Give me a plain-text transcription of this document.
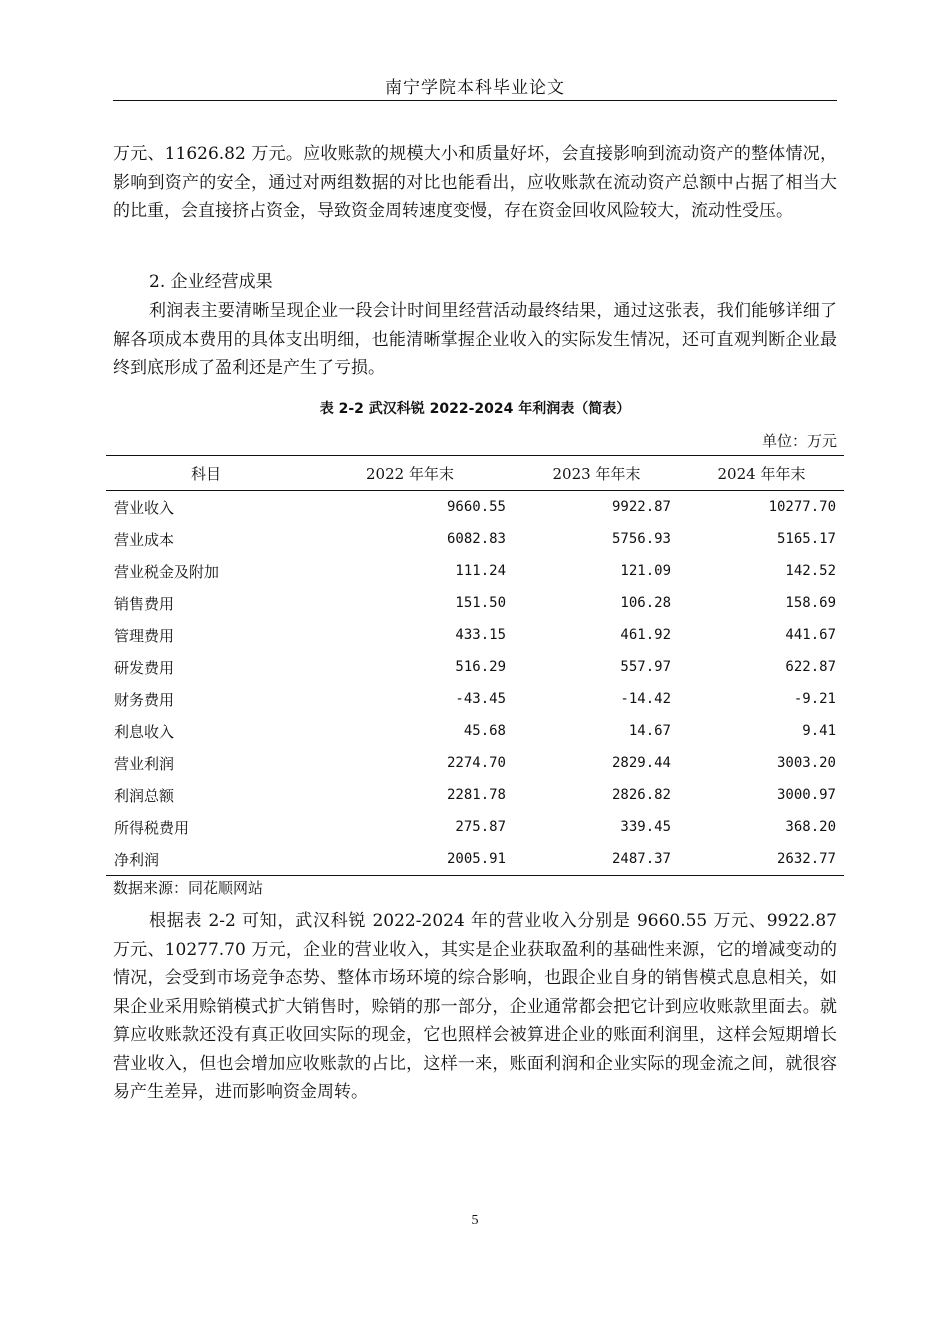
南宁学院本科毕业论文

万元、11626.82 万元。应收账款的规模大小和质量好坏，会直接影响到流动资产的整体情况，影响到资产的安全，通过对两组数据的对比也能看出，应收账款在流动资产总额中占据了相当大的比重，会直接挤占资金，导致资金周转速度变慢，存在资金回收风险较大，流动性受压。

2. 企业经营成果

利润表主要清晰呈现企业一段会计时间里经营活动最终结果，通过这张表，我们能够详细了解各项成本费用的具体支出明细，也能清晰掌握企业收入的实际发生情况，还可直观判断企业最终到底形成了盈利还是产生了亏损。

表 2-2 武汉科锐 2022-2024 年利润表（简表）
单位：万元
科目	2022 年年末	2023 年年末	2024 年年末
营业收入	9660.55	9922.87	10277.70
营业成本	6082.83	5756.93	5165.17
营业税金及附加	111.24	121.09	142.52
销售费用	151.50	106.28	158.69
管理费用	433.15	461.92	441.67
研发费用	516.29	557.97	622.87
财务费用	-43.45	-14.42	-9.21
利息收入	45.68	14.67	9.41
营业利润	2274.70	2829.44	3003.20
利润总额	2281.78	2826.82	3000.97
所得税费用	275.87	339.45	368.20
净利润	2005.91	2487.37	2632.77
数据来源：同花顺网站

根据表 2-2 可知，武汉科锐 2022-2024 年的营业收入分别是 9660.55 万元、9922.87 万元、10277.70 万元，企业的营业收入，其实是企业获取盈利的基础性来源，它的增减变动的情况，会受到市场竞争态势、整体市场环境的综合影响，也跟企业自身的销售模式息息相关，如果企业采用赊销模式扩大销售时，赊销的那一部分，企业通常都会把它计到应收账款里面去。就算应收账款还没有真正收回实际的现金，它也照样会被算进企业的账面利润里，这样会短期增长营业收入，但也会增加应收账款的占比，这样一来，账面利润和企业实际的现金流之间，就很容易产生差异，进而影响资金周转。

5
